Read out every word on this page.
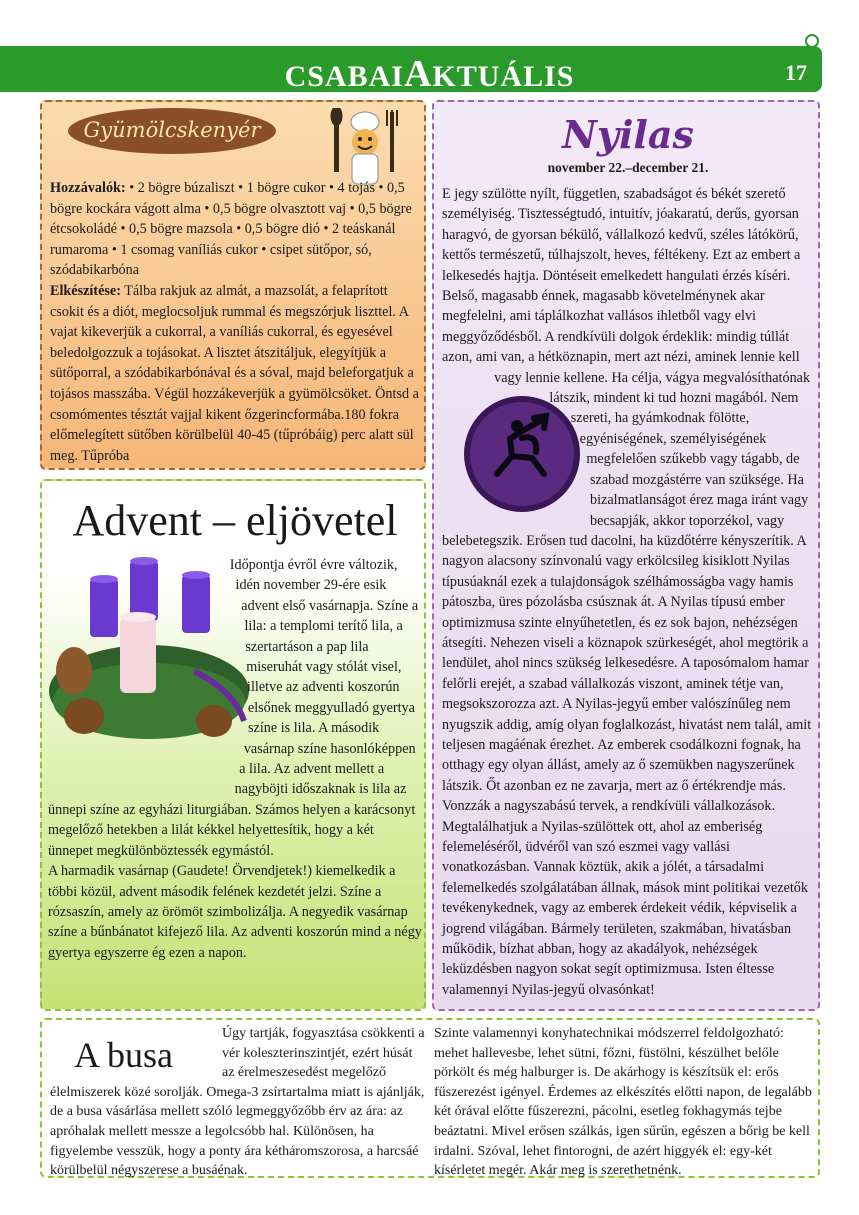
CSABAIAKTUÁLIS	17
Gyümölcskenyér

Hozzávalók: • 2 bögre búzaliszt • 1 bögre cukor • 4 tojás • 0,5 bögre kockára vágott alma • 0,5 bögre olvasztott vaj • 0,5 bögre étcsokoládé • 0,5 bögre mazsola • 0,5 bögre dió • 2 teáskanál rumaroma • 1 csomag vaníliás cukor • csipet sütőpor, só, szódabikarbóna

Elkészítése: Tálba rakjuk az almát, a mazsolát, a felaprított csokit és a diót, meglocsoljuk rummal és megszórjuk liszttel. A vajat kikeverjük a cukorral, a vaníliás cukorral, és egyesével beledolgozzuk a tojásokat. A lisztet átszitáljuk, elegyítjük a sütőporral, a szódabikarbónával és a sóval, majd beleforgatjuk a tojásos masszába. Végül hozzákeverjük a gyümölcsöket. Öntsd a csomómentes tésztát vajjal kikent őzgerincformába.180 fokra előmelegített sütőben körülbelül 40-45 (tűpróbáig) perc alatt sül meg. Tűpróba

Advent – eljövetel

Időpontja évről évre változik, idén november 29-ére esik advent első vasárnapja. Színe a lila: a templomi terítő lila, a szertartáson a pap lila miseruhát vagy stólát visel, illetve az adventi koszorún elsőnek meggyulladó gyertya színe is lila. A második vasárnap színe hasonlóképpen a lila. Az advent mellett a nagyböjti időszaknak is lila az ünnepi színe az egyházi liturgiában. Számos helyen a karácsonyt megelőző hetekben a lilát kékkel helyettesítik, hogy a két ünnepet megkülönböztessék egymástól.

A harmadik vasárnap (Gaudete! Örvendjetek!) kiemelkedik a többi közül, advent második felének kezdetét jelzi. Színe a rózsaszín, amely az örömöt szimbolizálja. A negyedik vasárnap színe a bűnbánatot kifejező lila. Az adventi koszorún mind a négy gyertya egyszerre ég ezen a napon.

Nyilas
november 22.–december 21.

E jegy szülötte nyílt, független, szabadságot és békét szerető személyiség. Tisztességtudó, intuitív, jóakaratú, derűs, gyorsan haragvó, de gyorsan békülő, vállalkozó kedvű, széles látókörű, kettős természetű, túlhajszolt, heves, féltékeny. Ezt az embert a lelkesedés hajtja. Döntéseit emelkedett hangulati érzés kíséri. Belső, magasabb énnek, magasabb követelménynek akar megfelelni, ami táplálkozhat vallásos ihletből vagy elvi meggyőződésből. A rendkívüli dolgok érdeklik: mindig túllát azon, ami van, a hétköznapin, mert azt nézi, aminek lennie kell vagy lennie kellene. Ha célja, vágya megvalósíthatónak látszik, mindent ki tud hozni magából. Nem szereti, ha gyámkodnak fölötte, egyéniségének, személyiségének megfelelően szűkebb vagy tágabb, de szabad mozgástérre van szüksége. Ha bizalmatlanságot érez maga iránt vagy becsapják, akkor toporzékol, vagy belebetegszik. Erősen tud dacolni, ha küzdőtérre kényszerítik. A nagyon alacsony színvonalú vagy erkölcsileg kisiklott Nyilas típusúaknál ezek a tulajdonságok szélhámosságba vagy hamis pátoszba, üres pózolásba csúsznak át. A Nyilas típusú ember optimizmusa szinte elnyűhetetlen, és ez sok bajon, nehézségen átsegíti. Nehezen viseli a köznapok szürkeségét, ahol megtörik a lendület, ahol nincs szükség lelkesedésre. A taposómalom hamar felőrli erejét, a szabad vállalkozás viszont, aminek tétje van, megsokszorozza azt. A Nyilas-jegyű ember valószínűleg nem nyugszik addig, amíg olyan foglalkozást, hivatást nem talál, amit teljesen magáénak érezhet. Az emberek csodálkozni fognak, ha otthagy egy olyan állást, amely az ő szemükben nagyszerűnek látszik. Őt azonban ez ne zavarja, mert az ő értékrendje más. Vonzzák a nagyszabású tervek, a rendkívüli vállalkozások. Megtalálhatjuk a Nyilas-szülöttek ott, ahol az emberiség felemeléséről, üdvéről van szó eszmei vagy vallási vonatkozásban. Vannak köztük, akik a jólét, a társadalmi felemelkedés szolgálatában állnak, mások mint politikai vezetők tevékenykednek, vagy az emberek érdekeit védik, képviselik a jogrend világában. Bármely területen, szakmában, hivatásban működik, bízhat abban, hogy az akadályok, nehézségek leküzdésben nagyon sokat segít optimizmusa. Isten éltesse valamennyi Nyilas-jegyű olvasónkat!

A busa

Úgy tartják, fogyasztása csökkenti a vér koleszterinszintjét, ezért húsát az érelmeszesedést megelőző élelmiszerek közé sorolják. Omega-3 zsírtartalma miatt is ajánlják, de a busa vásárlása mellett szóló legmeggyőzőbb érv az ára: az apróhalak mellett messze a legolcsóbb hal. Különösen, ha figyelembe vesszük, hogy a ponty ára kétháromszorosa, a harcsáé körülbelül négyszerese a busáénak.

Szinte valamennyi konyhatechnikai módszerrel feldolgozható: mehet hallevesbe, lehet sütni, főzni, füstölni, készülhet belőle pörkölt és még halburger is. De akárhogy is készítsük el: erős fűszerezést igényel. Érdemes az elkészítés előtti napon, de legalább két órával előtte fűszerezni, pácolni, esetleg fokhagymás tejbe beáztatni. Mivel erősen szálkás, igen sűrűn, egészen a bőrig be kell irdalni. Szóval, lehet fintorogni, de azért higgyék el: egy-két kísérletet megér. Akár meg is szerethetnénk.
